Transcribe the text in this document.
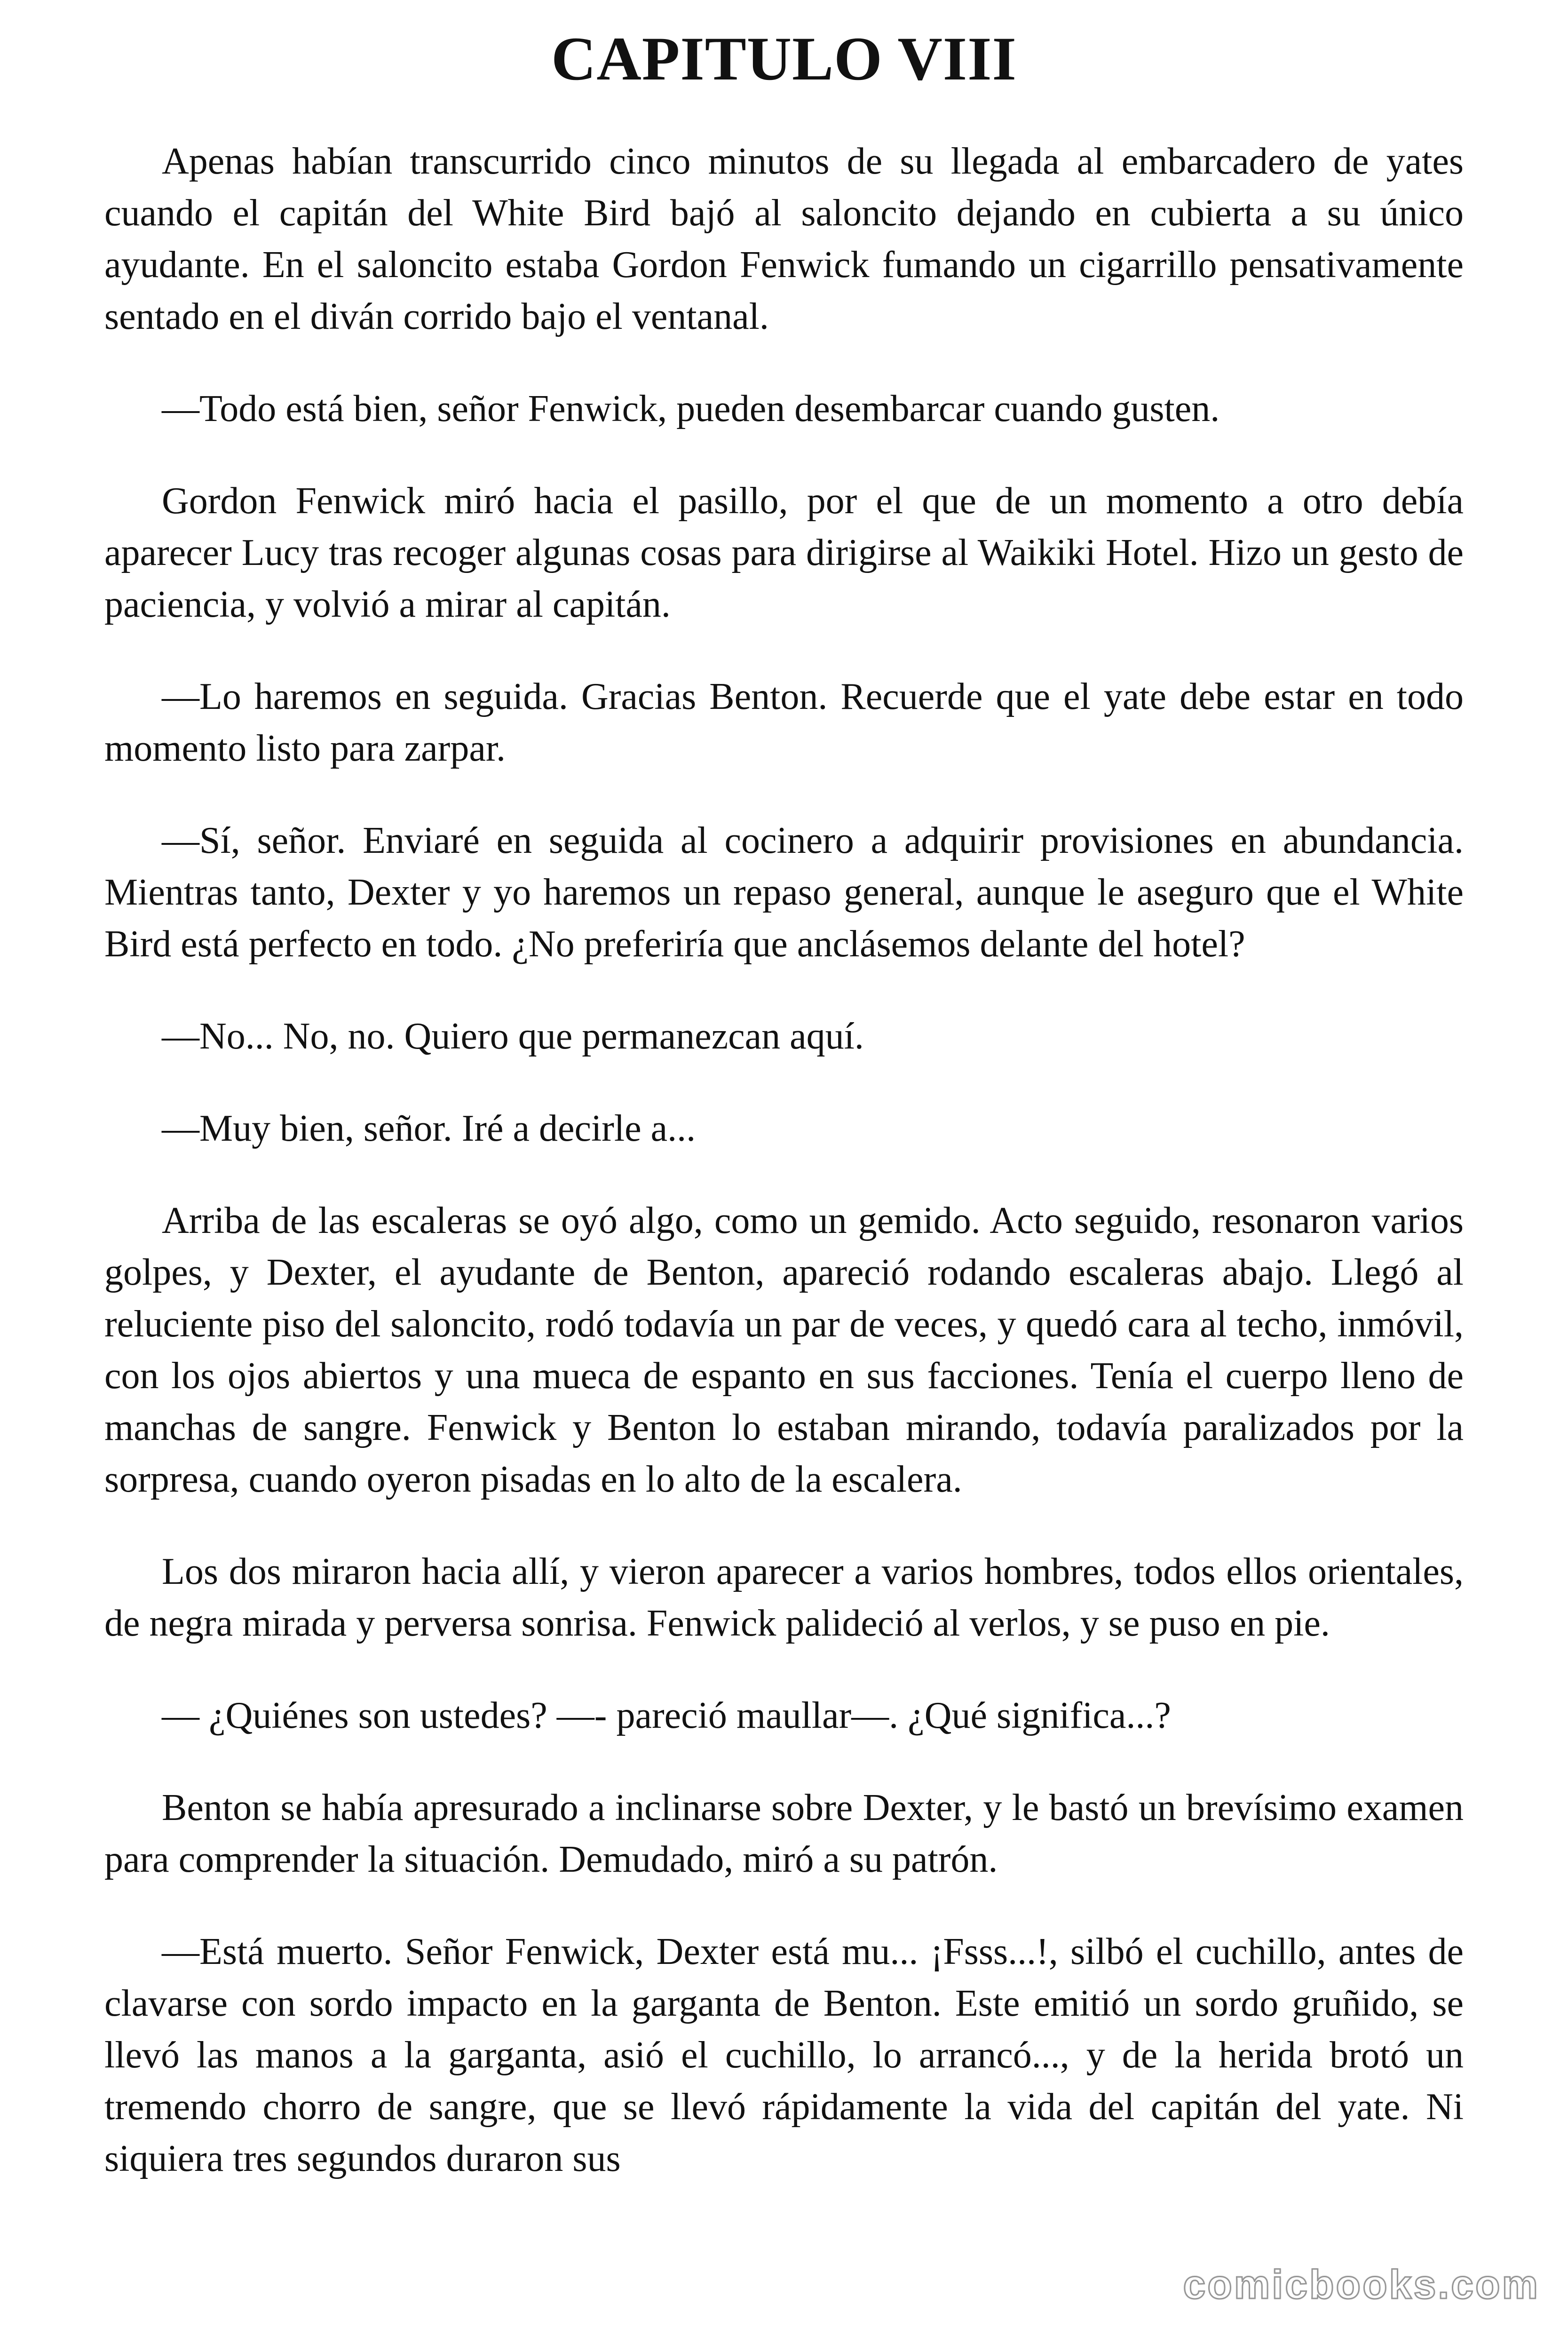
CAPITULO VIII

Apenas habían transcurrido cinco minutos de su llegada al embarcadero de yates cuando el capitán del White Bird bajó al saloncito dejando en cubierta a su único ayudante. En el saloncito estaba Gordon Fenwick fumando un cigarrillo pensativamente sentado en el diván corrido bajo el ventanal.

—Todo está bien, señor Fenwick, pueden desembarcar cuando gusten.

Gordon Fenwick miró hacia el pasillo, por el que de un momento a otro debía aparecer Lucy tras recoger algunas cosas para dirigirse al Waikiki Hotel. Hizo un gesto de paciencia, y volvió a mirar al capitán.

—Lo haremos en seguida. Gracias Benton. Recuerde que el yate debe estar en todo momento listo para zarpar.

—Sí, señor. Enviaré en seguida al cocinero a adquirir provisiones en abundancia. Mientras tanto, Dexter y yo haremos un repaso general, aunque le aseguro que el White Bird está perfecto en todo. ¿No preferiría que anclásemos delante del hotel?

—No... No, no. Quiero que permanezcan aquí.

—Muy bien, señor. Iré a decirle a...

Arriba de las escaleras se oyó algo, como un gemido. Acto seguido, resonaron varios golpes, y Dexter, el ayudante de Benton, apareció rodando escaleras abajo. Llegó al reluciente piso del saloncito, rodó todavía un par de veces, y quedó cara al techo, inmóvil, con los ojos abiertos y una mueca de espanto en sus facciones. Tenía el cuerpo lleno de manchas de sangre. Fenwick y Benton lo estaban mirando, todavía paralizados por la sorpresa, cuando oyeron pisadas en lo alto de la escalera.

Los dos miraron hacia allí, y vieron aparecer a varios hombres, todos ellos orientales, de negra mirada y perversa sonrisa. Fenwick palideció al verlos, y se puso en pie.

— ¿Quiénes son ustedes? —- pareció maullar—. ¿Qué significa...?

Benton se había apresurado a inclinarse sobre Dexter, y le bastó un brevísimo examen para comprender la situación. Demudado, miró a su patrón.

—Está muerto. Señor Fenwick, Dexter está mu... ¡Fsss...!, silbó el cuchillo, antes de clavarse con sordo impacto en la garganta de Benton. Este emitió un sordo gruñido, se llevó las manos a la garganta, asió el cuchillo, lo arrancó..., y de la herida brotó un tremendo chorro de sangre, que se llevó rápidamente la vida del capitán del yate. Ni siquiera tres segundos duraron sus

comicbooks.com
